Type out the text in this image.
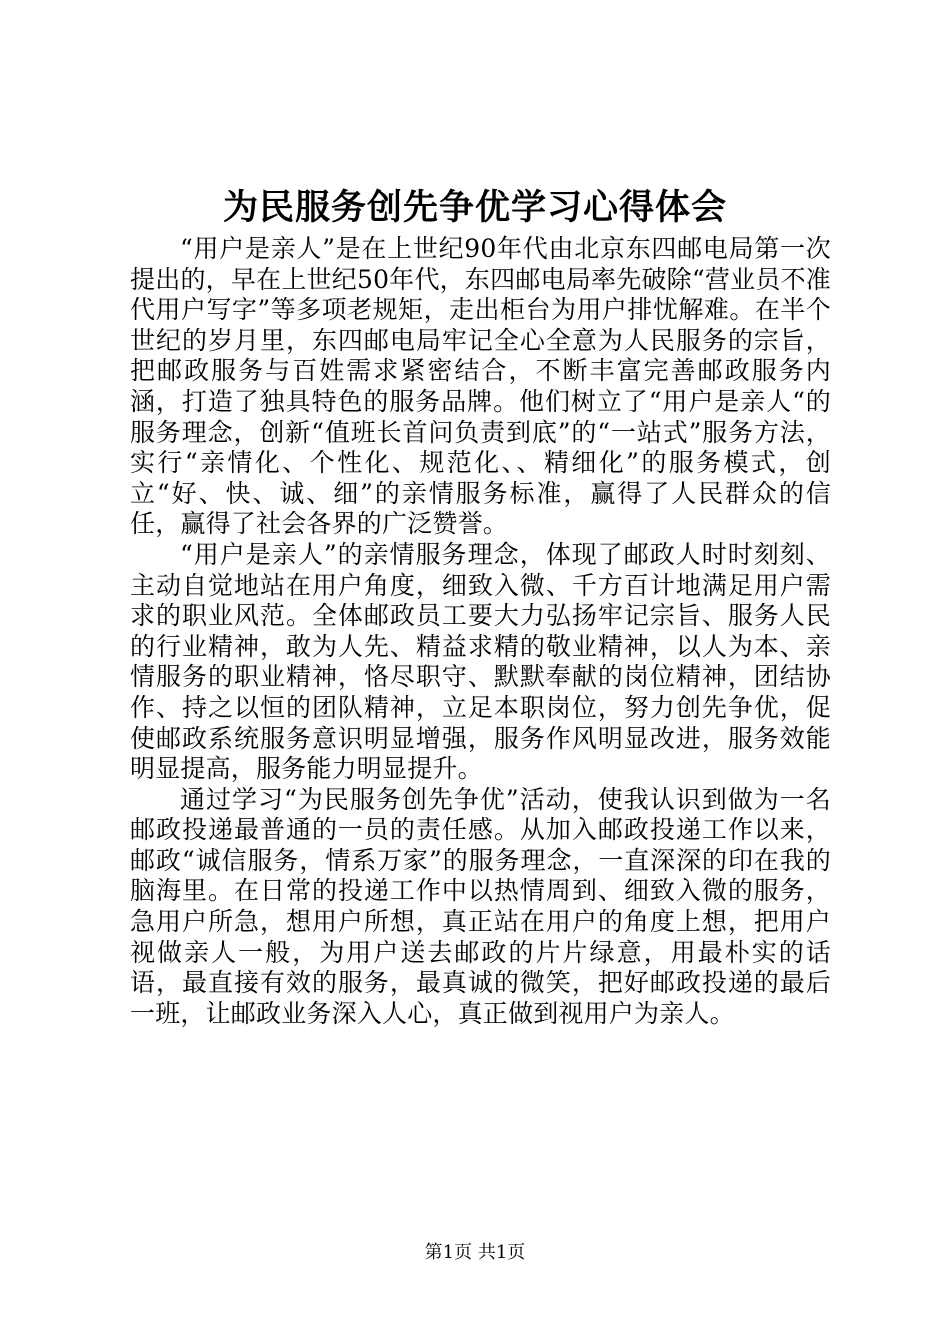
为民服务创先争优学习心得体会

“用户是亲人”是在上世纪90年代由北京东四邮电局第一次提出的，早在上世纪50年代，东四邮电局率先破除“营业员不准代用户写字”等多项老规矩，走出柜台为用户排忧解难。在半个世纪的岁月里，东四邮电局牢记全心全意为人民服务的宗旨，把邮政服务与百姓需求紧密结合，不断丰富完善邮政服务内涵，打造了独具特色的服务品牌。他们树立了“用户是亲人“的服务理念，创新“值班长首问负责到底”的“一站式”服务方法，实行“亲情化、个性化、规范化、、精细化”的服务模式，创立“好、快、诚、细”的亲情服务标准，赢得了人民群众的信任，赢得了社会各界的广泛赞誉。

“用户是亲人”的亲情服务理念，体现了邮政人时时刻刻、主动自觉地站在用户角度，细致入微、千方百计地满足用户需求的职业风范。全体邮政员工要大力弘扬牢记宗旨、服务人民的行业精神，敢为人先、精益求精的敬业精神，以人为本、亲情服务的职业精神，恪尽职守、默默奉献的岗位精神，团结协作、持之以恒的团队精神，立足本职岗位，努力创先争优，促使邮政系统服务意识明显增强，服务作风明显改进，服务效能明显提高，服务能力明显提升。

通过学习“为民服务创先争优”活动，使我认识到做为一名邮政投递最普通的一员的责任感。从加入邮政投递工作以来，邮政“诚信服务，情系万家”的服务理念，一直深深的印在我的脑海里。在日常的投递工作中以热情周到、细致入微的服务，急用户所急，想用户所想，真正站在用户的角度上想，把用户视做亲人一般，为用户送去邮政的片片绿意，用最朴实的话语，最直接有效的服务，最真诚的微笑，把好邮政投递的最后一班，让邮政业务深入人心，真正做到视用户为亲人。

第1页 共1页
